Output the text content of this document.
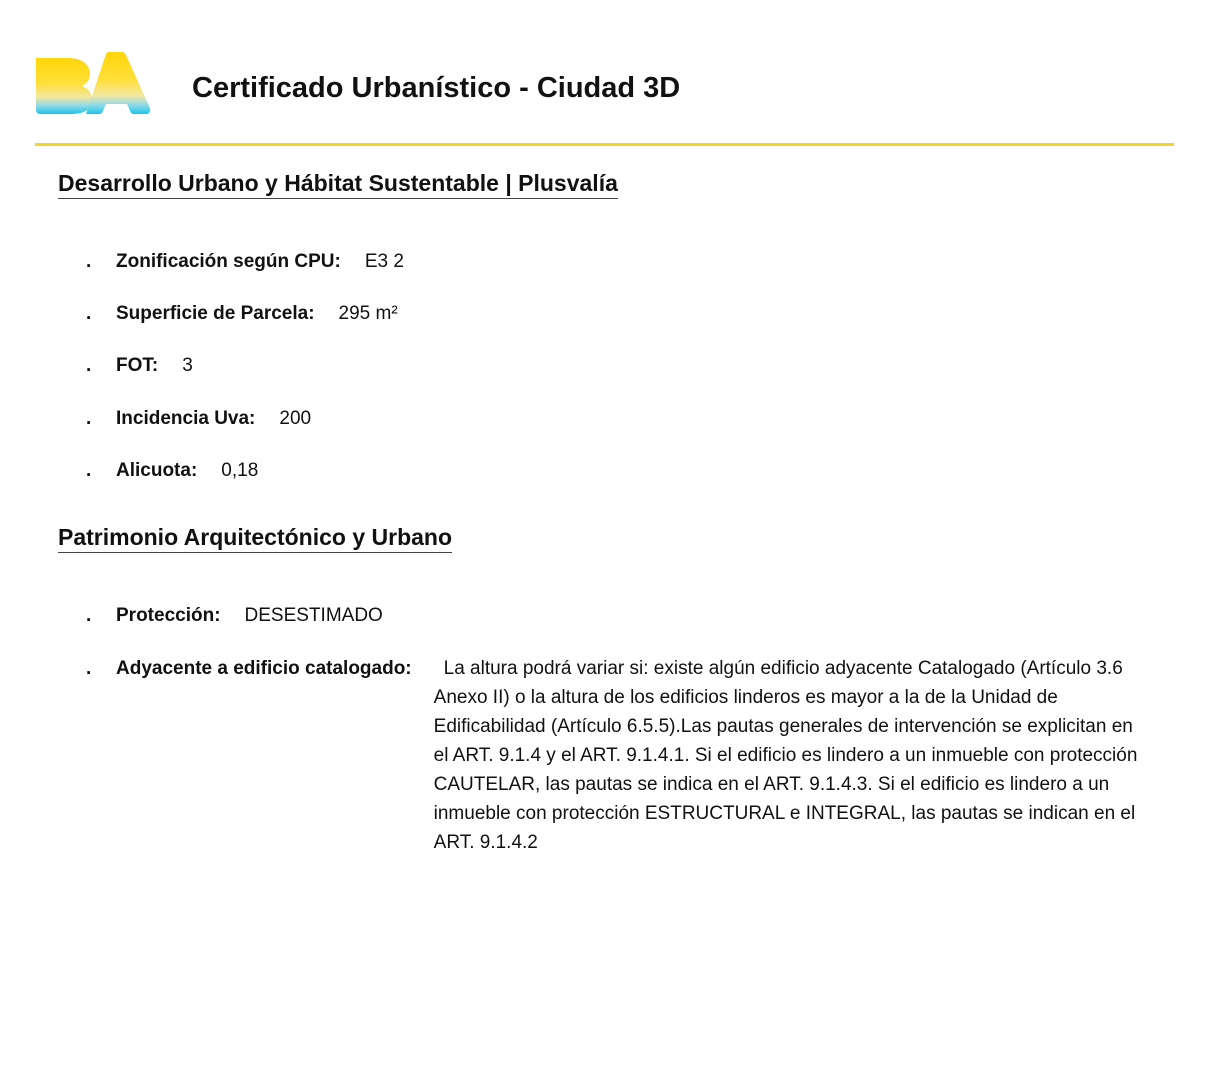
Certificado Urbanístico - Ciudad 3D
Desarrollo Urbano y Hábitat Sustentable | Plusvalía
.	Zonificación según CPU: E3 2
.	Superficie de Parcela: 295 m²
.	FOT: 3
.	Incidencia Uva: 200
.	Alicuota: 0,18
Patrimonio Arquitectónico y Urbano
.	Protección: DESESTIMADO
.	Adyacente a edificio catalogado:	La altura podrá variar si: existe algún edificio adyacente Catalogado (Artículo 3.6 Anexo II) o la altura de los edificios linderos es mayor a la de la Unidad de Edificabilidad (Artículo 6.5.5).Las pautas generales de intervención se explicitan en el ART. 9.1.4 y el ART. 9.1.4.1. Si el edificio es lindero a un inmueble con protección CAUTELAR, las pautas se indica en el ART. 9.1.4.3. Si el edificio es lindero a un inmueble con protección ESTRUCTURAL e INTEGRAL, las pautas se indican en el ART. 9.1.4.2
